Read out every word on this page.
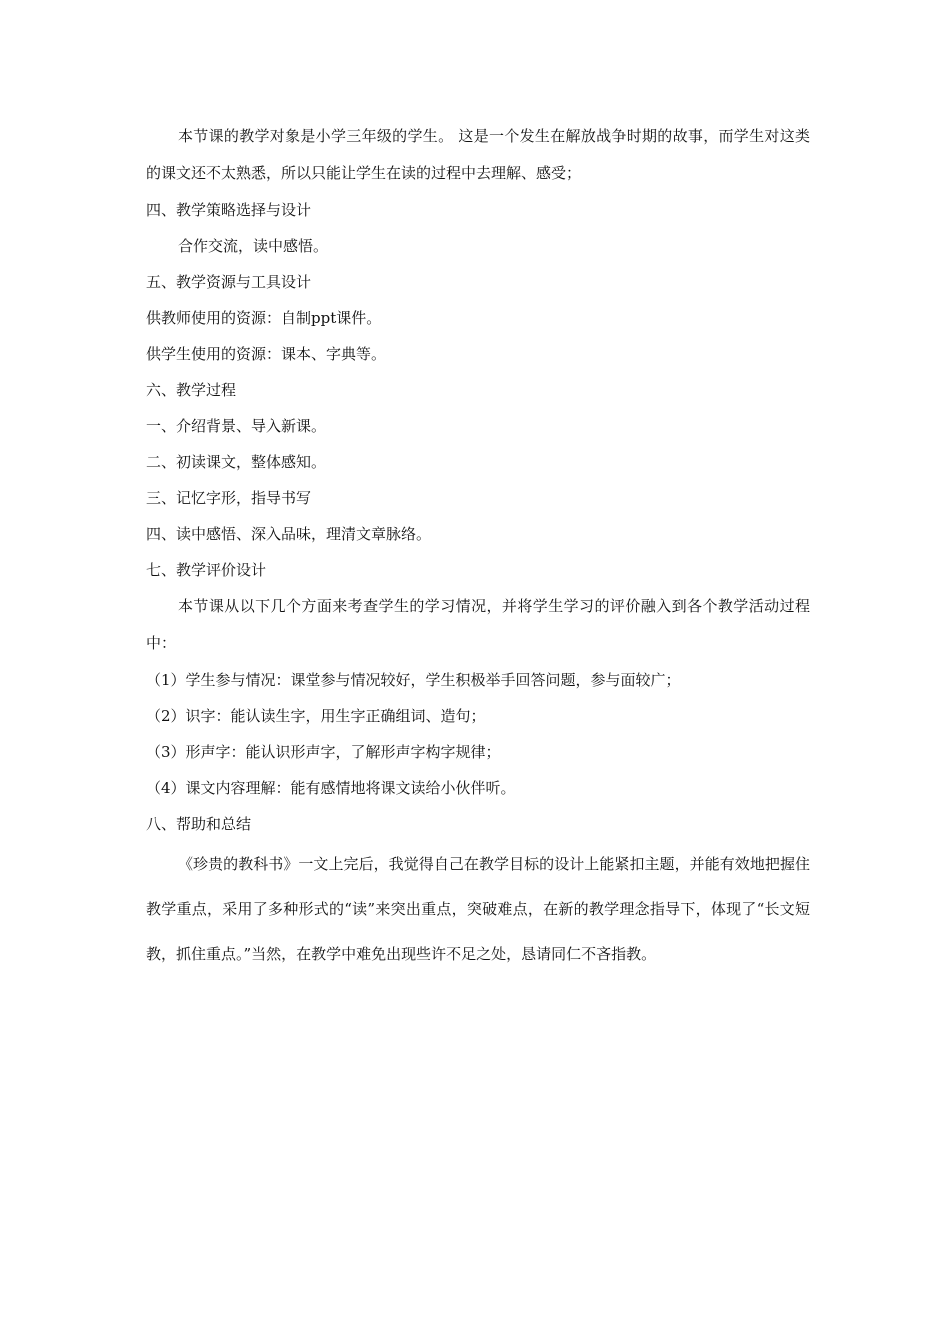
本节课的教学对象是小学三年级的学生。 这是一个发生在解放战争时期的故事，而学生对这类的课文还不太熟悉，所以只能让学生在读的过程中去理解、感受；

四、教学策略选择与设计
合作交流，读中感悟。
五、教学资源与工具设计
供教师使用的资源：自制ppt课件。
供学生使用的资源：课本、字典等。
六、教学过程
一、介绍背景、导入新课。
二、初读课文，整体感知。
三、记忆字形，指导书写
四、读中感悟、深入品味，理清文章脉络。
七、教学评价设计

本节课从以下几个方面来考查学生的学习情况，并将学生学习的评价融入到各个教学活动过程中：

（1）学生参与情况：课堂参与情况较好，学生积极举手回答问题，参与面较广；
（2）识字：能认读生字，用生字正确组词、造句；
（3）形声字：能认识形声字，了解形声字构字规律；
（4）课文内容理解：能有感情地将课文读给小伙伴听。
八、帮助和总结

《珍贵的教科书》一文上完后，我觉得自己在教学目标的设计上能紧扣主题，并能有效地把握住教学重点，采用了多种形式的“读”来突出重点，突破难点，在新的教学理念指导下，体现了“长文短教，抓住重点。”当然，在教学中难免出现些许不足之处，恳请同仁不吝指教。
